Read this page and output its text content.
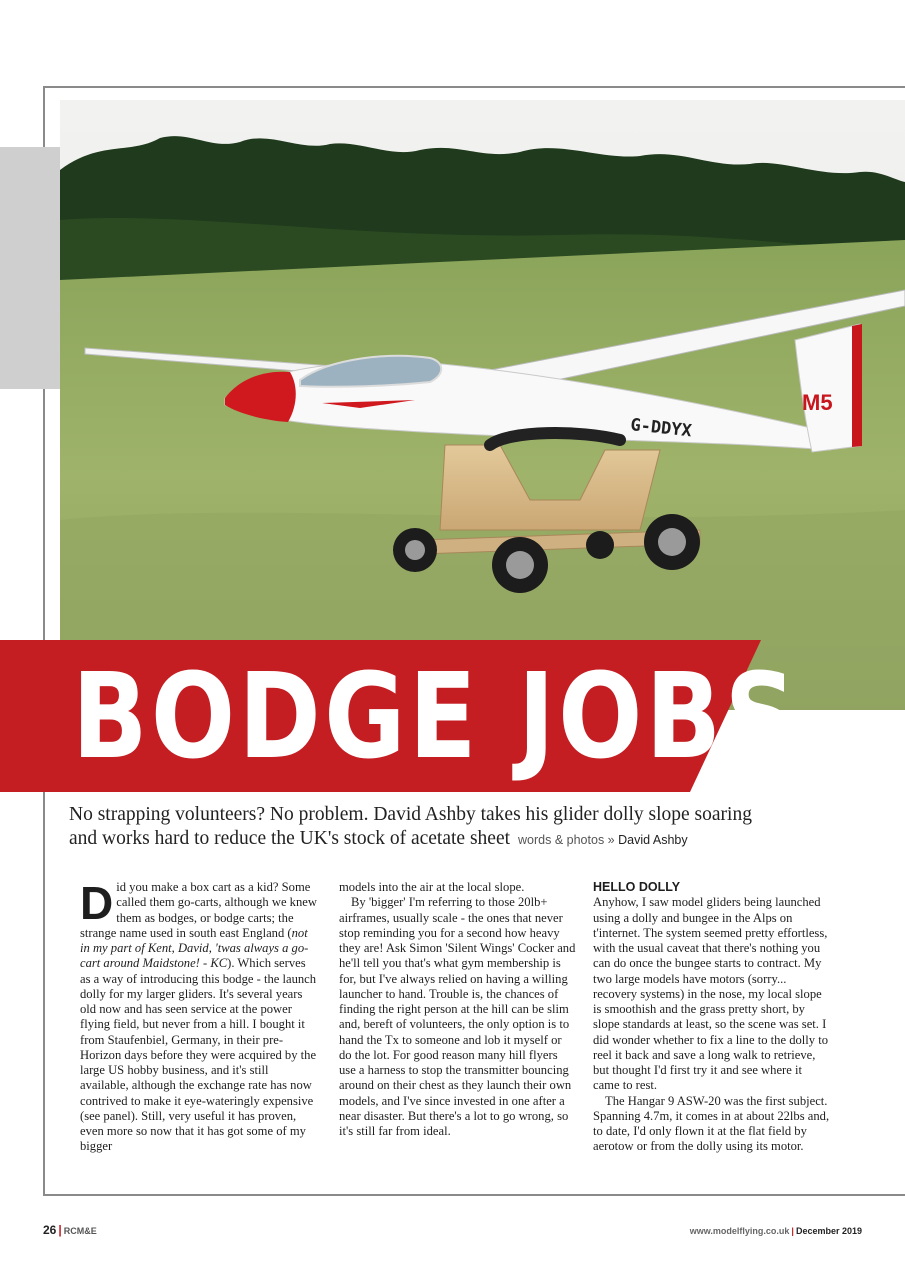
M5
G-DDYX
BODGE JOBS

No strapping volunteers? No problem. David Ashby takes his glider dolly slope soaring
and works hard to reduce the UK's stock of acetate sheet words & photos » David Ashby

Did you make a box cart as a kid? Some called them go-carts, although we knew them as bodges, or bodge carts; the strange name used in south east England (not in my part of Kent, David, 'twas always a go-cart around Maidstone! - KC). Which serves as a way of introducing this bodge - the launch dolly for my larger gliders. It's several years old now and has seen service at the power flying field, but never from a hill. I bought it from Staufenbiel, Germany, in their pre-Horizon days before they were acquired by the large US hobby business, and it's still available, although the exchange rate has now contrived to make it eye-wateringly expensive (see panel). Still, very useful it has proven, even more so now that it has got some of my bigger

models into the air at the local slope.

By 'bigger' I'm referring to those 20lb+ airframes, usually scale - the ones that never stop reminding you for a second how heavy they are! Ask Simon 'Silent Wings' Cocker and he'll tell you that's what gym membership is for, but I've always relied on having a willing launcher to hand. Trouble is, the chances of finding the right person at the hill can be slim and, bereft of volunteers, the only option is to hand the Tx to someone and lob it myself or do the lot. For good reason many hill flyers use a harness to stop the transmitter bouncing around on their chest as they launch their own models, and I've since invested in one after a near disaster. But there's a lot to go wrong, so it's still far from ideal.

HELLO DOLLY

Anyhow, I saw model gliders being launched using a dolly and bungee in the Alps on t'internet. The system seemed pretty effortless, with the usual caveat that there's nothing you can do once the bungee starts to contract. My two large models have motors (sorry... recovery systems) in the nose, my local slope is smoothish and the grass pretty short, by slope standards at least, so the scene was set. I did wonder whether to fix a line to the dolly to reel it back and save a long walk to retrieve, but thought I'd first try it and see where it came to rest.

The Hangar 9 ASW-20 was the first subject. Spanning 4.7m, it comes in at about 22lbs and, to date, I'd only flown it at the flat field by aerotow or from the dolly using its motor.

26 | RCM&E	www.modelflying.co.uk | December 2019
